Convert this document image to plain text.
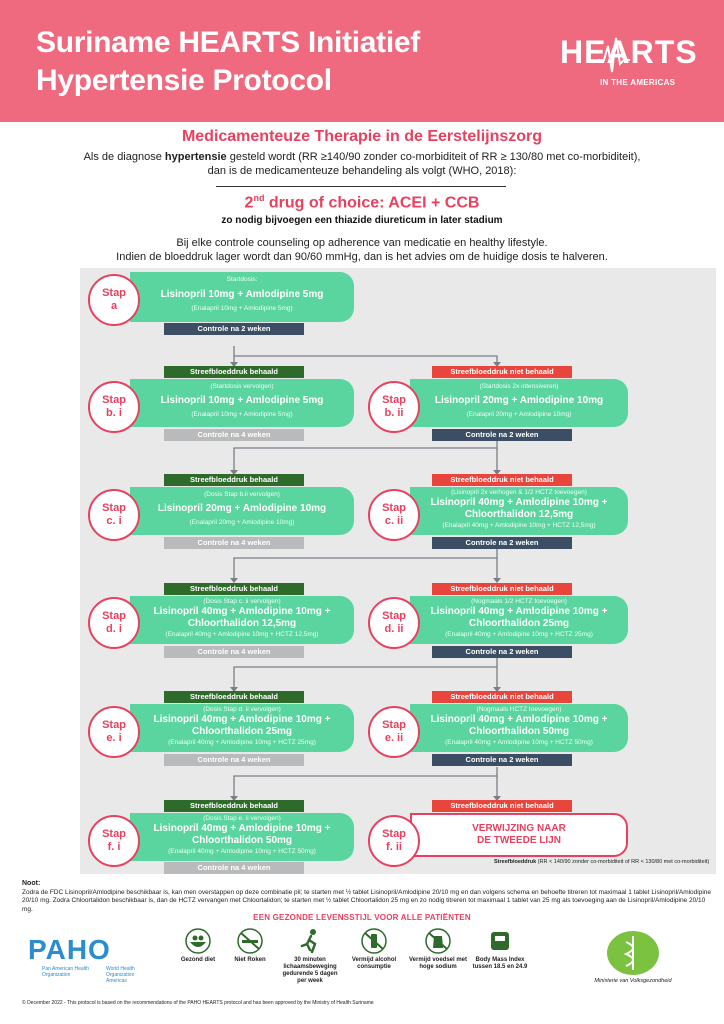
Suriname HEARTS Initiatief
Hypertensie Protocol
HEARTS
IN THE AMERICAS
Medicamenteuze Therapie in de Eerstelijnszorg
Als de diagnose hypertensie gesteld wordt (RR ≥140/90 zonder co-morbiditeit of RR ≥ 130/80 met co-morbiditeit),
dan is de medicamenteuze behandeling als volgt (WHO, 2018):
2nd drug of choice: ACEI + CCB
zo nodig bijvoegen een thiazide diureticum in later stadium
Bij elke controle counseling op adherence van medicatie en healthy lifestyle.
Indien de bloeddruk lager wordt dan 90/60 mmHg, dan is het advies om de huidige dosis te halveren.
Stap
a
Startdosis:
Lisinopril 10mg + Amlodipine 5mg
(Enalapril 10mg + Amlodipine 5mg)
Controle na 2 weken
Streefbloeddruk behaald
Stap
b. i
(Startdosis vervolgen)
Lisinopril 10mg + Amlodipine 5mg
(Enalapril 10mg + Amlodipine 5mg)
Controle na 4 weken
Streefbloeddruk niet behaald
Stap
b. ii
(Startdosis 2x intensiveren)
Lisinopril 20mg + Amlodipine 10mg
(Enalapril 20mg + Amlodipine 10mg)
Controle na 2 weken
Streefbloeddruk behaald
Stap
c. i
(Dosis Stap b.ii vervolgen)
Lisinopril 20mg + Amlodipine 10mg
(Enalapril 20mg + Amlodipine 10mg)
Controle na 4 weken
Streefbloeddruk niet behaald
Stap
c. ii
(Lisinopril 2x verhogen & 1/2 HCTZ toevoegen)
Lisinopril 40mg + Amlodipine 10mg +
Chloorthalidon 12,5mg
(Enalapril 40mg + Amlodipine 10mg + HCTZ 12,5mg)
Controle na 2 weken
Streefbloeddruk behaald
Stap
d. i
(Dosis Stap c. ii vervolgen)
Lisinopril 40mg + Amlodipine 10mg +
Chloorthalidon 12,5mg
(Enalapril 40mg + Amlodipine 10mg + HCTZ 12,5mg)
Controle na 4 weken
Streefbloeddruk niet behaald
Stap
d. ii
(Nogmaals 1/2 HCTZ toevoegen)
Lisinopril 40mg + Amlodipine 10mg +
Chloorthalidon 25mg
(Enalapril 40mg + Amlodipine 10mg + HCTZ 25mg)
Controle na 2 weken
Streefbloeddruk behaald
Stap
e. i
(Dosis Stap d. ii vervolgen)
Lisinopril 40mg + Amlodipine 10mg +
Chloorthalidon 25mg
(Enalapril 40mg + Amlodipine 10mg + HCTZ 25mg)
Controle na 4 weken
Streefbloeddruk niet behaald
Stap
e. ii
(Nogmaals HCTZ toevoegen)
Lisinopril 40mg + Amlodipine 10mg +
Chloorthalidon 50mg
(Enalapril 40mg + Amlodipine 10mg + HCTZ 50mg)
Controle na 2 weken
Streefbloeddruk behaald
Stap
f. i
(Dosis Stap e. ii vervolgen)
Lisinopril 40mg + Amlodipine 10mg +
Chloorthalidon 50mg
(Enalapril 40mg + Amlodipine 10mg + HCTZ 50mg)
Controle na 4 weken
Streefbloeddruk niet behaald
Stap
f. ii
VERWIJZING NAAR
DE TWEEDE LIJN
Streefbloeddruk (RR < 140/90 zonder co-morbiditeit of RR < 130/80 met co-morbiditeit)
Noot:
Zodra de FDC Lisinopril/Amlodipine beschikbaar is, kan men overstappen op deze combinatie pil; te starten met ½ tablet Lisinopril/Amlodipine 20/10 mg en dan volgens schema en behoefte titreren tot maximaal 1 tablet Lisinopril/Amlodipine 20/10 mg. Zodra Chloortalidon beschikbaar is, dan de HCTZ vervangen met Chloortalidon; te starten met ½ tablet Chloortalidon 25 mg en zo nodig titreren tot maximaal 1 tablet van 25 mg als toevoeging aan de Lisinopril/Amlodipine 20/10 mg.
EEN GEZONDE LEVENSSTIJL VOOR ALLE PATIËNTEN
PAHO
Pan American Health Organization
World Health Organization Americas
Gezond diet	Niet Roken	30 minuten lichaamsbeweging gedurende 5 dagen per week
Vermijd alcohol consumptie
Vermijd voedsel met hoge sodium
Body Mass Index tussen 18.5 en 24.9
Ministerie van Volksgezondheid
© December 2022 - This protocol is based on the recommendations of the PAHO HEARTS protocol and has been approved by the Ministry of Health Suriname
